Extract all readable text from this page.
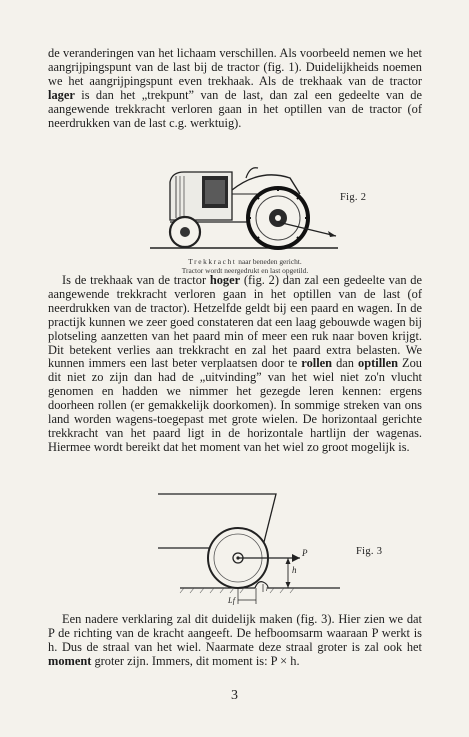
de veranderingen van het lichaam verschillen. Als voorbeeld nemen we het aangrijpingspunt van de last bij de tractor (fig. 1). Duidelijkheids noemen we het aangrijpingspunt even trekhaak. Als de trekhaak van de tractor lager is dan het „trekpunt” van de last, dan zal een gedeelte van de aangewende trekkracht verloren gaan in het optillen van de tractor (of neerdrukken van de last c.g. werktuig).

Fig. 2
Trekkracht naar beneden gericht.
Tractor wordt neergedrukt en last opgetild.

Is de trekhaak van de tractor hoger (fig. 2) dan zal een gedeelte van de aangewende trekkracht verloren gaan in het optillen van de last (of neerdrukken van de tractor). Hetzelfde geldt bij een paard en wagen. In de practijk kunnen we zeer goed constateren dat een laag gebouwde wagen bij plotseling aanzetten van het paard min of meer een ruk naar boven krijgt. Dit betekent verlies aan trekkracht en zal het paard extra belasten. We kunnen immers een last beter verplaatsen door te rollen dan optillen Zou dit niet zo zijn dan had de „uitvinding” van het wiel niet zo'n vlucht genomen en hadden we nimmer het gezegde leren kennen: ergens doorheen rollen (er gemakkelijk doorkomen). In sommige streken van ons land worden wagens-toegepast met grote wielen. De horizontaal gerichte trekkracht van het paard ligt in de horizontale hartlijn der wagenas. Hiermee wordt bereikt dat het moment van het wiel zo groot mogelijk is.

P
h
r
Lf
Fig. 3

Een nadere verklaring zal dit duidelijk maken (fig. 3). Hier zien we dat P de richting van de kracht aangeeft. De hefboomsarm waaraan P werkt is h. Dus de straal van het wiel. Naarmate deze straal groter is zal ook het moment groter zijn. Immers, dit moment is: P × h.

3
